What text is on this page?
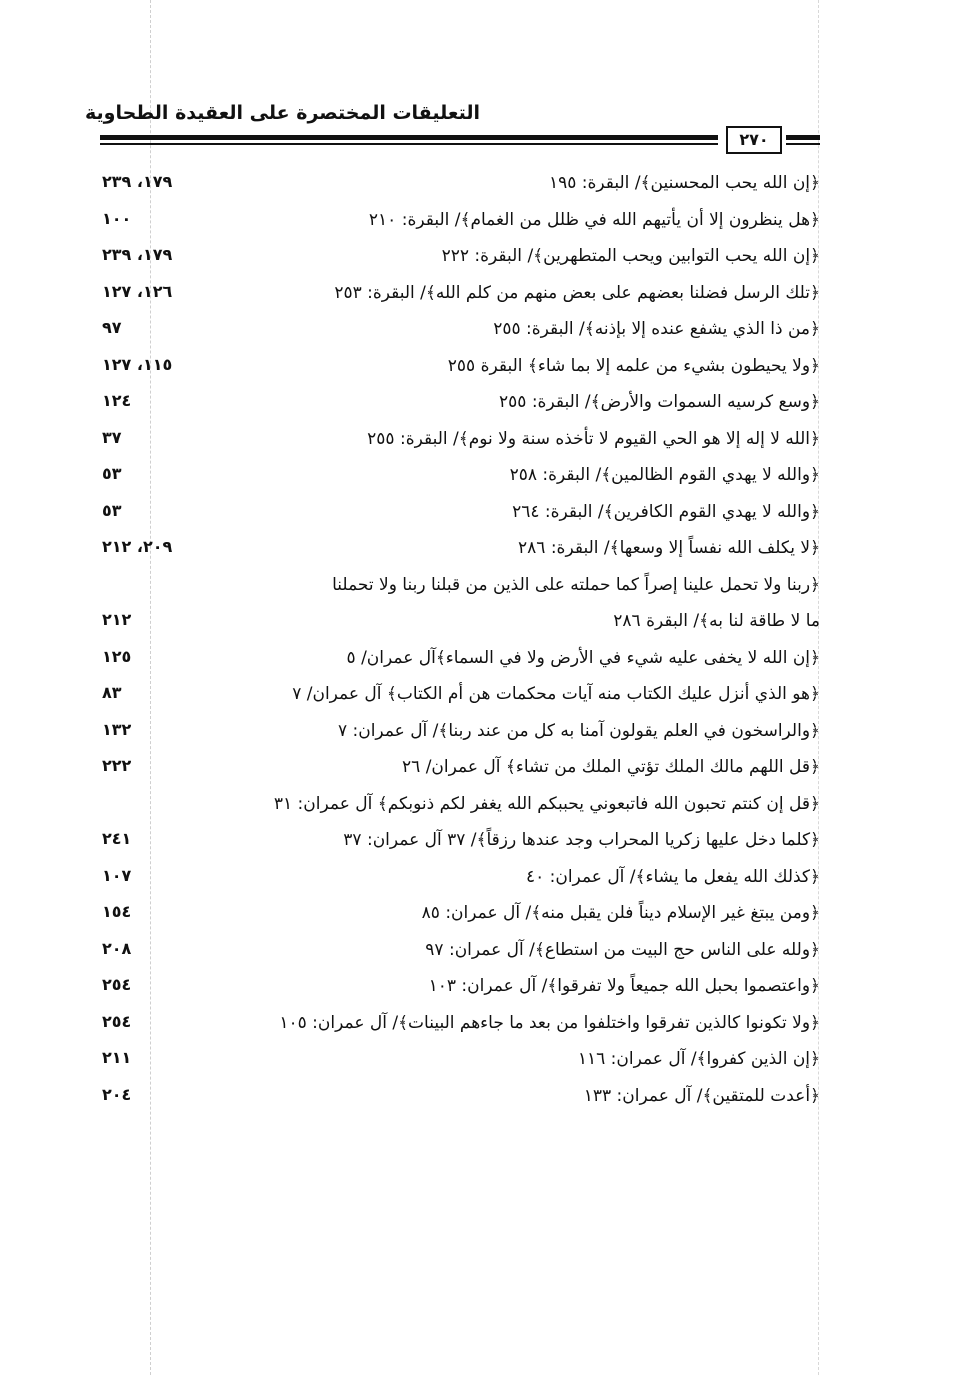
التعليقات المختصرة على العقيدة الطحاوية
٢٧٠
﴿إن الله يحب المحسنين﴾/ البقرة: ١٩٥
١٧٩، ٢٣٩
﴿هل ينظرون إلا أن يأتيهم الله في ظلل من الغمام﴾/ البقرة: ٢١٠
١٠٠
﴿إن الله يحب التوابين ويحب المتطهرين﴾/ البقرة: ٢٢٢
١٧٩، ٢٣٩
﴿تلك الرسل فضلنا بعضهم على بعض منهم من كلم الله﴾/ البقرة: ٢٥٣
١٢٦، ١٢٧
﴿من ذا الذي يشفع عنده إلا بإذنه﴾/ البقرة: ٢٥٥
٩٧
﴿ولا يحيطون بشيء من علمه إلا بما شاء﴾ البقرة ٢٥٥
١١٥، ١٢٧
﴿وسع كرسيه السموات والأرض﴾/ البقرة: ٢٥٥
١٢٤
﴿الله لا إله إلا هو الحي القيوم لا تأخذه سنة ولا نوم﴾/ البقرة: ٢٥٥
٣٧
﴿والله لا يهدي القوم الظالمين﴾/ البقرة: ٢٥٨
٥٣
﴿والله لا يهدي القوم الكافرين﴾/ البقرة: ٢٦٤
٥٣
﴿لا يكلف الله نفساً إلا وسعها﴾/ البقرة: ٢٨٦
٢٠٩، ٢١٢
﴿ربنا ولا تحمل علينا إصراً كما حملته على الذين من قبلنا ربنا ولا تحملنا
ما لا طاقة لنا به﴾/ البقرة ٢٨٦
٢١٢
﴿إن الله لا يخفى عليه شيء في الأرض ولا في السماء﴾آل عمران/ ٥
١٢٥
﴿هو الذي أنزل عليك الكتاب منه آيات محكمات هن أم الكتاب﴾ آل عمران/ ٧
٨٣
﴿والراسخون في العلم يقولون آمنا به كل من عند ربنا﴾/ آل عمران: ٧
١٣٢
﴿قل اللهم مالك الملك تؤتي الملك من تشاء﴾ آل عمران/ ٢٦
٢٢٢
﴿قل إن كنتم تحبون الله فاتبعوني يحببكم الله يغفر لكم ذنوبكم﴾ آل عمران: ٣١
﴿كلما دخل عليها زكريا المحراب وجد عندها رزقاً﴾/ ٣٧ آل عمران: ٣٧
٢٤١
﴿كذلك الله يفعل ما يشاء﴾/ آل عمران: ٤٠
١٠٧
﴿ومن يبتغ غير الإسلام ديناً فلن يقبل منه﴾/ آل عمران: ٨٥
١٥٤
﴿ولله على الناس حج البيت من استطاع﴾/ آل عمران: ٩٧
٢٠٨
﴿واعتصموا بحبل الله جميعاً ولا تفرقوا﴾/ آل عمران: ١٠٣
٢٥٤
﴿ولا تكونوا كالذين تفرقوا واختلفوا من بعد ما جاءهم البينات﴾/ آل عمران: ١٠٥
٢٥٤
﴿إن الذين كفروا﴾/ آل عمران: ١١٦
٢١١
﴿أعدت للمتقين﴾/ آل عمران: ١٣٣
٢٠٤
